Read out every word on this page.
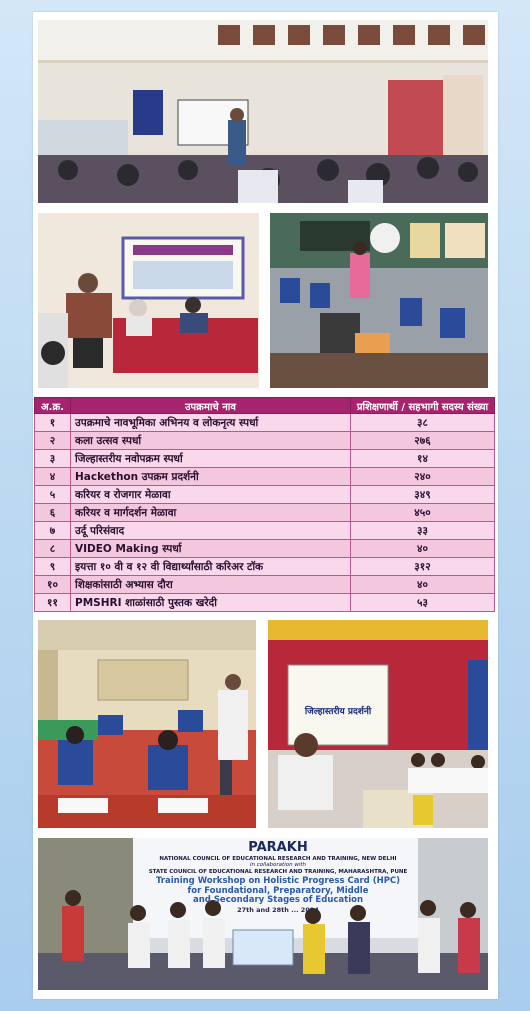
अ.क्र.	उपक्रमाचे नाव	प्रशिक्षणार्थी / सहभागी सदस्य संख्या
१	उपक्रमाचे नावभूमिका अभिनय व लोकनृत्य स्पर्धा	३८
२	कला उत्सव स्पर्धा	२७६
३	जिल्हास्तरीय नवोपक्रम स्पर्धा	१४
४	Hackethon उपक्रम प्रदर्शनी	२४०
५	करियर व रोजगार मेळावा	३४९
६	करियर व मार्गदर्शन मेळावा	४५०
७	उर्दू परिसंवाद	३३
८	VIDEO Making स्पर्धा	४०
९	इयत्ता १० वी व १२ वी विद्यार्थ्यांसाठी करिअर टॉक	३१२
१०	शिक्षकांसाठी अभ्यास दौरा	४०
११	PMSHRI शाळांसाठी पुस्तक खरेदी	५३
जिल्हास्तरीय प्रदर्शनी
PARAKH
NATIONAL COUNCIL OF EDUCATIONAL RESEARCH AND TRAINING, NEW DELHI
in collaboration with
STATE COUNCIL OF EDUCATIONAL RESEARCH AND TRAINING, MAHARASHTRA, PUNE
Training Workshop on Holistic Progress Card (HPC)
for Foundational, Preparatory, Middle
and Secondary Stages of Education
27th and 28th ... 2024
